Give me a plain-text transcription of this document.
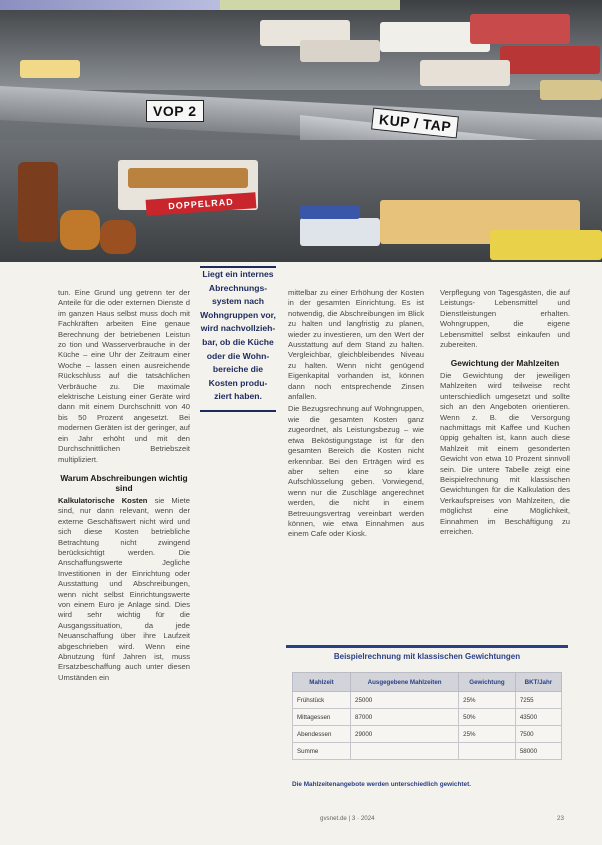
VOP 2
KUP / TAP
DOPPELRAD

tun. Eine Grund ung getrenn ter der Anteile für die oder externen Dienste d im ganzen Haus selbst muss doch mit Fachkräften arbeiten Eine genaue Berechnung der betriebenen Leistun zo tion und Wasserverbrauche in der Küche – eine Uhr der Zeitraum einer Woche – lassen einen ausreichende Rückschluss auf die tatsächlichen Verbräuche zu. Die maximale elektrische Leistung einer Geräte wird dann mit einem Durchschnitt von 40 bis 50 Prozent angesetzt. Bei modernen Geräten ist der geringer, auf ein Jahr erhöht und mit den Durchschnittlichen Betriebszeit multipliziert.

Warum Abschreibungen wichtig sind

Kalkulatorische Kosten sie Miete sind, nur dann relevant, wenn der externe Geschäftswert nicht wird und sich diese Kosten betriebliche Betrachtung nicht zwingend berücksichtigt werden. Die Anschaffungswerte Jegliche Investitionen in der Einrichtung oder Ausstattung und Abschreibungen, wenn nicht selbst Einrichtungswerte von einem Euro je Anlage sind. Dies wird sehr wichtig für die Ausgangssituation, da jede Neuanschaffung über ihre Laufzeit abgeschrieben wird. Wenn eine Abnutzung fünf Jahren ist, muss Ersatzbeschaffung auch unter diesen Umständen ein

Liegt ein internes Abrechnungs-system nach Wohngruppen vor, wird nachvollzieh-bar, ob die Küche oder die Wohn-bereiche die Kosten produ-ziert haben.

mittelbar zu einer Erhöhung der Kosten in der gesamten Einrichtung. Es ist notwendig, die Abschreibungen im Blick zu halten und langfristig zu planen, wieder zu investieren, um den Wert der Ausstattung auf dem Stand zu halten. Vergleichbar, gleichbleibendes Niveau zu halten. Wenn nicht genügend Eigenkapital vorhanden ist, können dann noch entsprechende Zinsen anfallen.

Die Bezugsrechnung auf Wohngruppen, wie die gesamten Kosten ganz zugeordnet, als Leistungsbezug – wie etwa Beköstigungstage ist für den gesamten Bereich die Kosten nicht erkennbar. Bei den Erträgen wird es aber selten eine so klare Aufschlüsselung geben. Vorwiegend, wenn nur die Zuschläge angerechnet werden, die nicht in einem Betreuungsvertrag vereinbart werden können, wie etwa Einnahmen aus einem Cafe oder Kiosk.

Verpflegung von Tagesgästen, die auf Leistungs- Lebensmittel und Dienstleistungen erhalten. Wohngruppen, die eigene Lebensmittel selbst einkaufen und zubereiten.

Gewichtung der Mahlzeiten

Die Gewichtung der jeweiligen Mahlzeiten wird teilweise recht unterschiedlich umgesetzt und sollte sich an den Angeboten orientieren. Wenn z. B. die Versorgung nachmittags mit Kaffee und Kuchen üppig gehalten ist, kann auch diese Mahlzeit mit einem gesonderten Gewicht von etwa 10 Prozent sinnvoll sein. Die untere Tabelle zeigt eine Beispielrechnung mit klassischen Gewichtungen für die Kalkulation des Verkaufspreises von Mahlzeiten, die möglichst eine Möglichkeit, Einnahmen im Beschäftigung zu erreichen.

Beispielrechnung mit klassischen Gewichtungen
Mahlzeit	Ausgegebene Mahlzeiten	Gewichtung	BKT/Jahr
Frühstück	25000	25%	7255
Mittagessen	87000	50%	43500
Abendessen	29000	25%	7500
Summe			58000
Die Mahlzeitenangebote werden unterschiedlich gewichtet.
gvsnet.de | 3 · 2024	23
